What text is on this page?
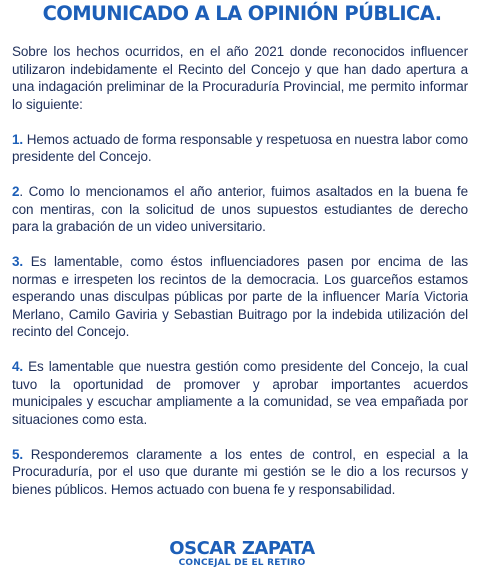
COMUNICADO A LA OPINIÓN PÚBLICA.

Sobre los hechos ocurridos, en el año 2021 donde reconocidos influencer utilizaron indebidamente el Recinto del Concejo y que han dado apertura a una indagación preliminar de la Procuraduría Provincial, me permito informar lo siguiente:

1. Hemos actuado de forma responsable y respetuosa en nuestra labor como presidente del Concejo.

2. Como lo mencionamos el año anterior, fuimos asaltados en la buena fe con mentiras, con la solicitud de unos supuestos estudiantes de derecho para la grabación de un video universitario.

3. Es lamentable, como éstos influenciadores pasen por encima de las normas e irrespeten los recintos de la democracia. Los guarceños estamos esperando unas disculpas públicas por parte de la influencer María Victoria Merlano, Camilo Gaviria y Sebastian Buitrago por la indebida utilización del recinto del Concejo.

4. Es lamentable que nuestra gestión como presidente del Concejo, la cual tuvo la oportunidad de promover y aprobar importantes acuerdos municipales y escuchar ampliamente a la comunidad, se vea empañada por situaciones como esta.

5. Responderemos claramente a los entes de control, en especial a la Procuraduría, por el uso que durante mi gestión se le dio a los recursos y bienes públicos. Hemos actuado con buena fe y responsabilidad.

OSCAR ZAPATA
CONCEJAL DE EL RETIRO
